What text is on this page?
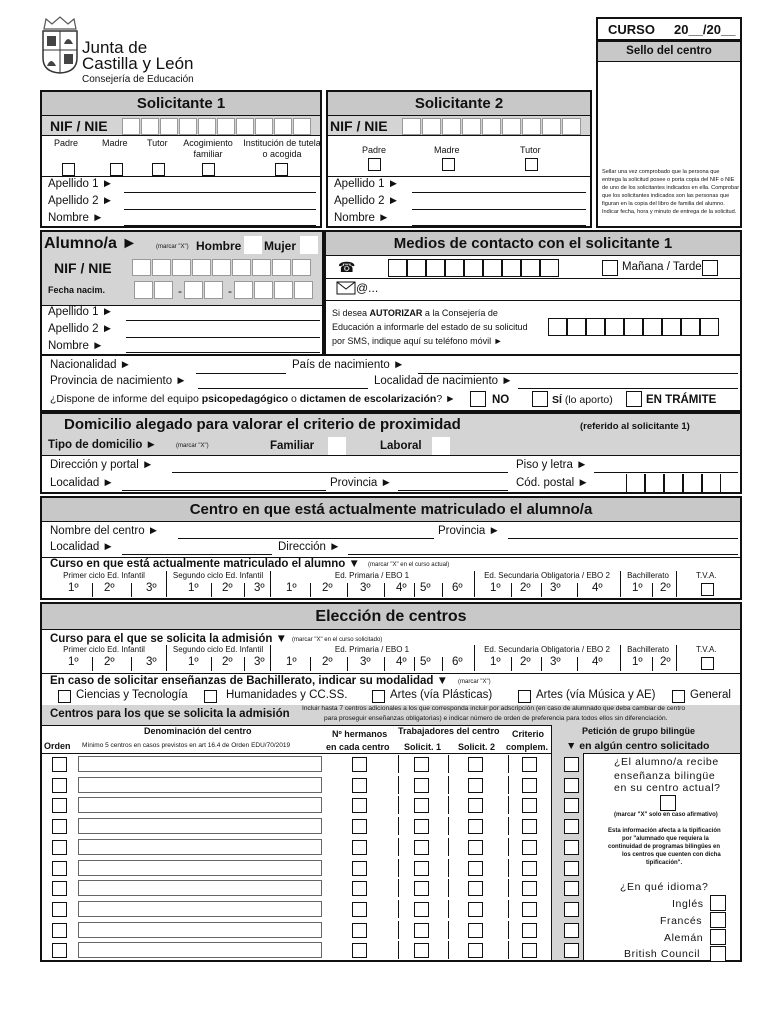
Junta de
Castilla y León
Consejería de Educación
CURSO 20__/20__
Sello del centro
Sellar una vez comprobado que la persona que entrega la solicitud posee o porta copia del NIF o NIE de uno de los solicitantes indicados en ella. Comprobar que los solicitantes indicados son las personas que figuran en la copia del libro de familia del alumno. Indicar fecha, hora y minuto de entrega de la solicitud.
Solicitante 1
NIF / NIE
Padre	Madre Tutor	Acogimiento familiar
Institución de tutela o acogida
Apellido 1 ►
Apellido 2 ►
Nombre ►
Solicitante 2
NIF / NIE
Padre	Madre	Tutor
Apellido 1 ►
Apellido 2 ►
Nombre ►
Alumno/a ►	(marcar "X") Hombre Mujer
NIF / NIE
Fecha nacim.	-	-
Apellido 1 ►
Apellido 2 ►
Nombre ►
Medios de contacto con el solicitante 1
☎	Mañana / Tarde
@...
Si desea AUTORIZAR a la Consejería de
Educación a informarle del estado de su solicitud
por SMS, indique aquí su teléfono móvil ►
Nacionalidad ►	País de nacimiento ►
Provincia de nacimiento ►	Localidad de nacimiento ►
¿Dispone de informe del equipo psicopedagógico o dictamen de escolarización? ►	NO	SÍ (lo aporto)	EN TRÁMITE
Domicilio alegado para valorar el criterio de proximidad	(referido al solicitante 1)
Tipo de domicilio ►	(marcar "X")	Familiar	Laboral
Dirección y portal ►	Piso y letra ►
Localidad ►	Provincia ►	Cód. postal ►
Centro en que está actualmente matriculado el alumno/a
Nombre del centro ►	Provincia ►
Localidad ►	Dirección ►
Curso en que está actualmente matriculado el alumno ▼ (marcar "X" en el curso actual)
Primer ciclo Ed. Infantil
1º 2º	3º
Segundo ciclo Ed. Infantil
1º 2º 3º
Ed. Primaria / EBO 1
1º 2º 3º 4º 5º 6º
Ed. Secundaria Obligatoria / EBO 2
1º 2º 3º	4º
Bachillerato
1º 2º
T.V.A.
Elección de centros
Curso para el que se solicita la admisión ▼ (marcar "X" en el curso solicitado)
Primer ciclo Ed. Infantil
1º 2º	3º
Segundo ciclo Ed. Infantil
1º 2º 3º
Ed. Primaria / EBO 1
1º 2º 3º 4º 5º 6º
Ed. Secundaria Obligatoria / EBO 2
1º 2º 3º	4º
Bachillerato
1º 2º
T.V.A.
En caso de solicitar enseñanzas de Bachillerato, indicar su modalidad ▼ (marcar "X")
Ciencias y Tecnología	Humanidades y CC.SS.	Artes (vía Plásticas)	Artes (vía Música y AE)	General
Centros para los que se solicita la admisión Incluir hasta 7 centros adicionales a los que corresponda incluir por adscripción (en caso de alumnado que deba cambiar de centro
para proseguir enseñanzas obligatorias) e indicar número de orden de preferencia para todos ellos sin diferenciación.
Orden
Denominación del centro
Mínimo 5 centros en casos previstos en art 16.4 de Orden EDU/70/2019
Nº hermanos
en cada centro
Trabajadores del centro
Solicit. 1 Solicit. 2
Criterio
complem.
Petición de grupo bilingüe
▼ en algún centro solicitado
¿El alumno/a recibe
enseñanza bilingüe
en su centro actual?
(marcar "X" solo en caso afirmativo)
Esta información afecta a la tipificación
por "alumnado que requiera la
continuidad de programas bilingües en
los centros que cuenten con dicha
tipificación".
¿En qué idioma?
Inglés
Francés
Alemán
British Council
